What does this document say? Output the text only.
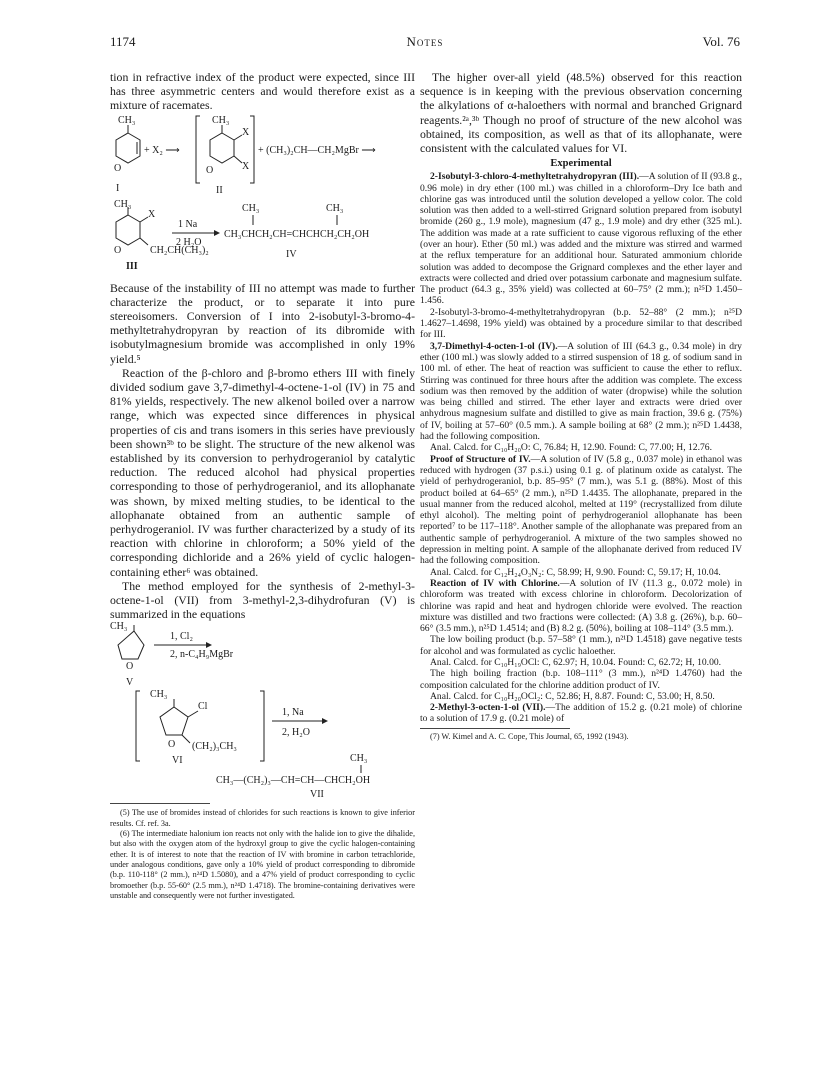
1174	Notes	Vol. 76

tion in refractive index of the product were expected, since III has three asymmetric centers and would therefore exist as a mixture of racemates.

CH₃
O
I
+ X₂ ⟶
CH₃
X
X
O
II
+ (CH₃)₂CH—CH₂MgBr ⟶
CH₃
X
O	CH₂CH(CH₃)₂
III
1 Na
2 H₂O
CH₃	CH₃
CH₃CHCH₂CH=CHCHCH₂CH₂OH
IV

Because of the instability of III no attempt was made to further characterize the product, or to separate it into pure stereoisomers. Conversion of I into 2-isobutyl-3-bromo-4-methyltetrahydropyran by reaction of its dibromide with isobutylmagnesium bromide was accomplished in only 19% yield.⁵

Reaction of the β-chloro and β-bromo ethers III with finely divided sodium gave 3,7-dimethyl-4-octene-1-ol (IV) in 75 and 81% yields, respectively. The new alkenol boiled over a narrow range, which was expected since differences in physical properties of cis and trans isomers in this series have previously been shown³ᵇ to be slight. The structure of the new alkenol was established by its conversion to perhydrogeraniol by catalytic reduction. The reduced alcohol had physical properties corresponding to those of perhydrogeraniol, and its allophanate was shown, by mixed melting studies, to be identical to the allophanate obtained from an authentic sample of perhydrogeraniol. IV was further characterized by a study of its reaction with chlorine in chloroform; a 50% yield of the corresponding dichloride and a 26% yield of cyclic halogen-containing ether⁶ was obtained.

The method employed for the synthesis of 2-methyl-3-octene-1-ol (VII) from 3-methyl-2,3-dihydrofuran (V) is summarized in the equations

CH₃
O
V
1, Cl₂
2, n-C₄H₉MgBr
CH₃
Cl
O (CH₂)₃CH₃
VI
1, Na
2, H₂O
CH₃
CH₃—(CH₂)₃—CH=CH—CHCH₂OH
VII

(5) The use of bromides instead of chlorides for such reactions is known to give inferior results. Cf. ref. 3a.

(6) The intermediate halonium ion reacts not only with the halide ion to give the dihalide, but also with the oxygen atom of the hydroxyl group to give the cyclic halogen-containing ether. It is of interest to note that the reaction of IV with bromine in carbon tetrachloride, under analogous conditions, gave only a 10% yield of product corresponding to dibromide (b.p. 110-118° (2 mm.), n²⁴D 1.5080), and a 47% yield of product corresponding to cyclic bromoether (b.p. 55-60° (2.5 mm.), n²⁴D 1.4718). The bromine-containing derivatives were unstable and consequently were not further investigated.

The higher over-all yield (48.5%) observed for this reaction sequence is in keeping with the previous observation concerning the alkylations of α-haloethers with normal and branched Grignard reagents.²ᵃ,³ᵇ Though no proof of structure of the new alcohol was obtained, its composition, as well as that of its allophanate, were consistent with the calculated values for VI.

Experimental

2-Isobutyl-3-chloro-4-methyltetrahydropyran (III).—A solution of II (93.8 g., 0.96 mole) in dry ether (100 ml.) was chilled in a chloroform–Dry Ice bath and chlorine gas was introduced until the solution developed a yellow color. The cold solution was then added to a well-stirred Grignard solution prepared from isobutyl bromide (260 g., 1.9 mole), magnesium (47 g., 1.9 mole) and dry ether (325 ml.). The addition was made at a rate sufficient to cause vigorous refluxing of the ether (over an hour). Ether (50 ml.) was added and the mixture was stirred and warmed at the reflux temperature for an additional hour. Saturated ammonium chloride solution was added to decompose the Grignard complexes and the ether layer and extracts were collected and dried over potassium carbonate and magnesium sulfate. The product (64.3 g., 35% yield) was collected at 60–75° (2 mm.); n²⁵D 1.450–1.456.

2-Isobutyl-3-bromo-4-methyltetrahydropyran (b.p. 52–88° (2 mm.); n²⁵D 1.4627–1.4698, 19% yield) was obtained by a procedure similar to that described for III.

3,7-Dimethyl-4-octen-1-ol (IV).—A solution of III (64.3 g., 0.34 mole) in dry ether (100 ml.) was slowly added to a stirred suspension of 18 g. of sodium sand in 100 ml. of ether. The heat of reaction was sufficient to cause the ether to reflux. Stirring was continued for three hours after the addition was complete. The excess sodium was then removed by the addition of water (dropwise) while the solution was being chilled and stirred. The ether layer and extracts were dried over anhydrous magnesium sulfate and distilled to give as main fraction, 39.6 g. (75%) of IV, boiling at 57–60° (0.5 mm.). A sample boiling at 68° (2 mm.); n²⁵D 1.4438, had the following composition.

Anal. Calcd. for C₁₀H₂₀O: C, 76.84; H, 12.90. Found: C, 77.00; H, 12.76.

Proof of Structure of IV.—A solution of IV (5.8 g., 0.037 mole) in ethanol was reduced with hydrogen (37 p.s.i.) using 0.1 g. of platinum oxide as catalyst. The yield of perhydrogeraniol, b.p. 85–95° (7 mm.), was 5.1 g. (88%). Most of this product boiled at 64–65° (2 mm.), n²⁵D 1.4435. The allophanate, prepared in the usual manner from the reduced alcohol, melted at 119° (recrystallized from dilute ethyl alcohol). The melting point of perhydrogeraniol allophanate has been reported⁷ to be 117–118°. Another sample of the allophanate was prepared from an authentic sample of perhydrogeraniol. A mixture of the two samples showed no depression in melting point. A sample of the allophanate derived from reduced IV had the following composition.

Anal. Calcd. for C₁₂H₂₄O₃N₂: C, 58.99; H, 9.90. Found: C, 59.17; H, 10.04.

Reaction of IV with Chlorine.—A solution of IV (11.3 g., 0.072 mole) in chloroform was treated with excess chlorine in chloroform. Decolorization of chlorine was rapid and heat and hydrogen chloride were evolved. The reaction mixture was distilled and two fractions were collected: (A) 3.8 g. (26%), b.p. 60–66° (3.5 mm.), n²⁵D 1.4514; and (B) 8.2 g. (50%), boiling at 108–114° (3.5 mm.).

The low boiling product (b.p. 57–58° (1 mm.), n²¹D 1.4518) gave negative tests for alcohol and was formulated as cyclic haloether.

Anal. Calcd. for C₁₀H₁₉OCl: C, 62.97; H, 10.04. Found: C, 62.72; H, 10.00.

The high boiling fraction (b.p. 108–111° (3 mm.), n²⁴D 1.4760) had the composition calculated for the chlorine addition product of IV.

Anal. Calcd. for C₁₀H₂₀OCl₂: C, 52.86; H, 8.87. Found: C, 53.00; H, 8.50.

2-Methyl-3-octen-1-ol (VII).—The addition of 15.2 g. (0.21 mole) of chlorine to a solution of 17.9 g. (0.21 mole) of

(7) W. Kimel and A. C. Cope, This Journal, 65, 1992 (1943).
